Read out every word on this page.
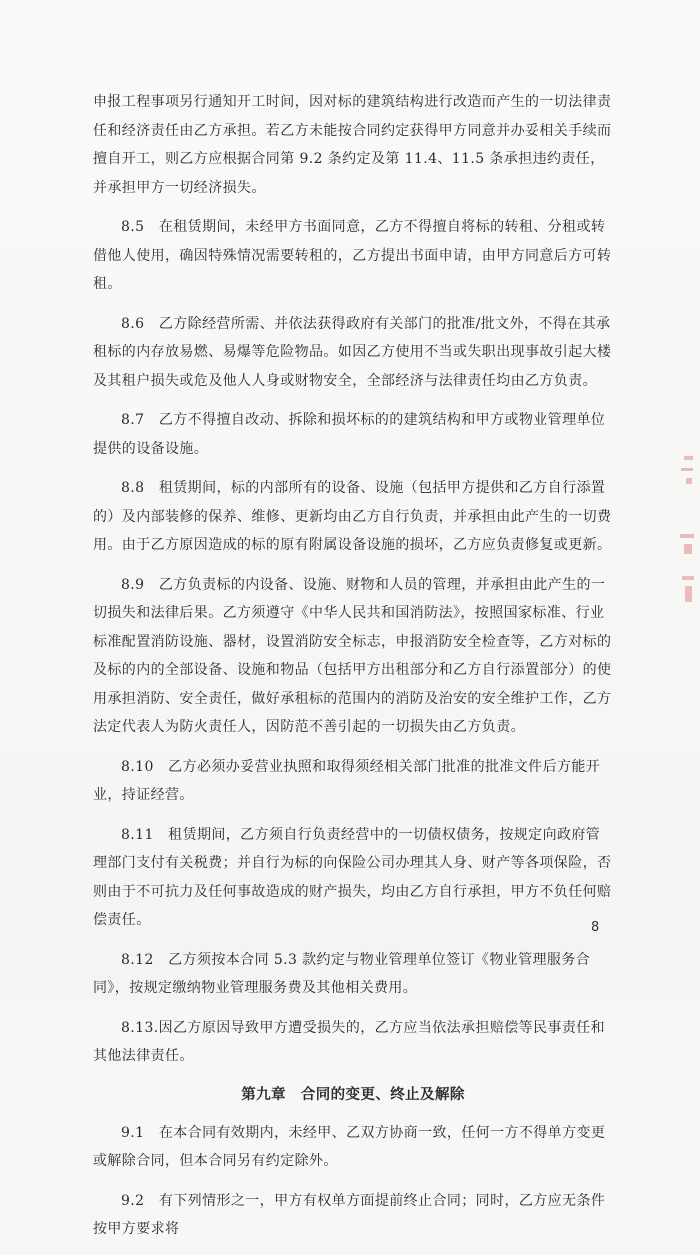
申报工程事项另行通知开工时间，因对标的建筑结构进行改造而产生的一切法律责任和经济责任由乙方承担。若乙方未能按合同约定获得甲方同意并办妥相关手续而擅自开工，则乙方应根据合同第 9.2 条约定及第 11.4、11.5 条承担违约责任，并承担甲方一切经济损失。

8.5　在租赁期间，未经甲方书面同意，乙方不得擅自将标的转租、分租或转借他人使用，确因特殊情况需要转租的，乙方提出书面申请，由甲方同意后方可转租。

8.6　乙方除经营所需、并依法获得政府有关部门的批准/批文外，不得在其承租标的内存放易燃、易爆等危险物品。如因乙方使用不当或失职出现事故引起大楼及其租户损失或危及他人人身或财物安全，全部经济与法律责任均由乙方负责。

8.7　乙方不得擅自改动、拆除和损坏标的的建筑结构和甲方或物业管理单位提供的设备设施。

8.8　租赁期间，标的内部所有的设备、设施（包括甲方提供和乙方自行添置的）及内部装修的保养、维修、更新均由乙方自行负责，并承担由此产生的一切费用。由于乙方原因造成的标的原有附属设备设施的损坏，乙方应负责修复或更新。

8.9　乙方负责标的内设备、设施、财物和人员的管理，并承担由此产生的一切损失和法律后果。乙方须遵守《中华人民共和国消防法》，按照国家标准、行业标准配置消防设施、器材，设置消防安全标志，申报消防安全检查等，乙方对标的及标的内的全部设备、设施和物品（包括甲方出租部分和乙方自行添置部分）的使用承担消防、安全责任，做好承租标的范围内的消防及治安的安全维护工作，乙方法定代表人为防火责任人，因防范不善引起的一切损失由乙方负责。

8.10　乙方必须办妥营业执照和取得须经相关部门批准的批准文件后方能开业，持证经营。

8.11　租赁期间，乙方须自行负责经营中的一切债权债务，按规定向政府管理部门支付有关税费；并自行为标的向保险公司办理其人身、财产等各项保险，否则由于不可抗力及任何事故造成的财产损失，均由乙方自行承担，甲方不负任何赔偿责任。

8.12　乙方须按本合同 5.3 款约定与物业管理单位签订《物业管理服务合同》，按规定缴纳物业管理服务费及其他相关费用。

8.13.因乙方原因导致甲方遭受损失的，乙方应当依法承担赔偿等民事责任和其他法律责任。

第九章　合同的变更、终止及解除

9.1　在本合同有效期内，未经甲、乙双方协商一致，任何一方不得单方变更或解除合同，但本合同另有约定除外。

9.2　有下列情形之一，甲方有权单方面提前终止合同；同时，乙方应无条件按甲方要求将

8
